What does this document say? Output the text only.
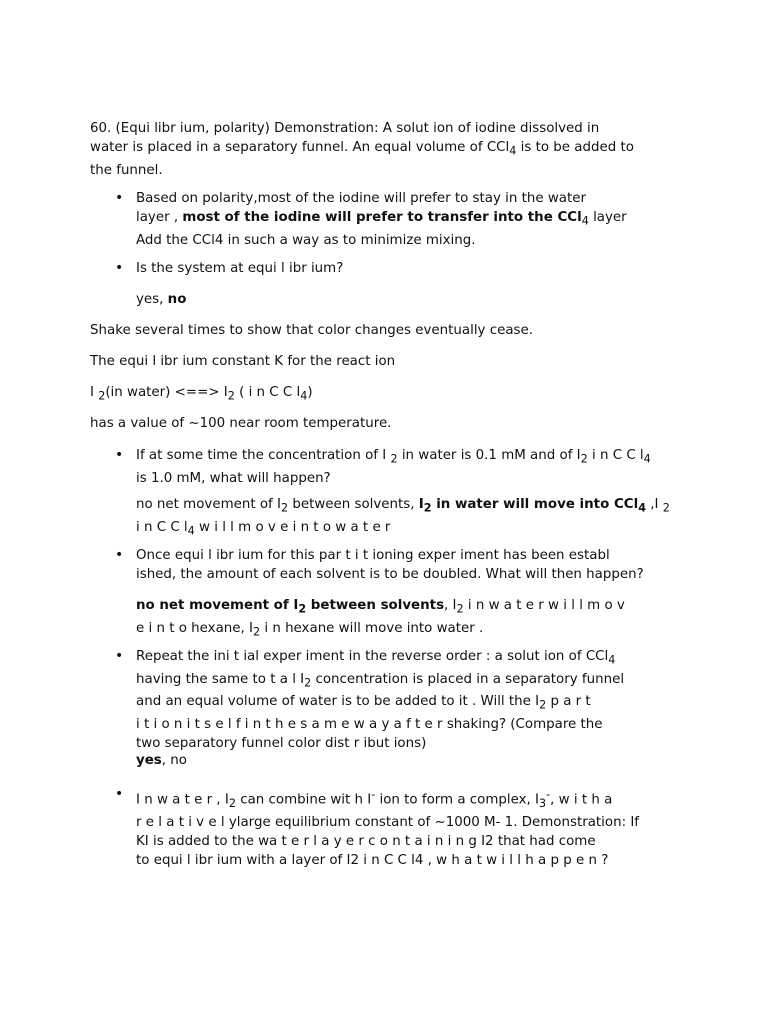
60. (Equi libr ium, polarity) Demonstration: A solut ion of iodine dissolved in
water is placed in a separatory funnel. An equal volume of CCl$_4$ is to be added to
the funnel.

• Based on polarity,most of the iodine will prefer to stay in the water
layer , most of the iodine will prefer to transfer into the CCl$_4$ layer
Add the CCl4 in such a way as to minimize mixing.

• Is the system at equi l ibr ium?

yes, no

Shake several times to show that color changes eventually cease.

The equi l ibr ium constant K for the react ion

I $_2$(in water) <==> $I_2$ ( i n C C $l_4$)

has a value of ~100 near room temperature.

• If at some time the concentration of I $_2$ in water is 0.1 mM and of $I_2$ i n C C $l_4$
is 1.0 mM, what will happen?

no net movement of $I_2$ between solvents, $I_2$ in water will move into CCl$_4$ ,I $_2$
i n C C $l_4$ w i l l m o v e i n t o w a t e r

• Once equi l ibr ium for this par t i t ioning exper iment has been establ
ished, the amount of each solvent is to be doubled. What will then happen?

no net movement of $I_2$ between solvents, $I_2$ i n w a t e r w i l l m o v
e i n t o hexane, $I_2$ i n hexane will move into water .

• Repeat the ini t ial exper iment in the reverse order : a solut ion of CCl$_4$
having the same to t a l $I_2$ concentration is placed in a separatory funnel
and an equal volume of water is to be added to it . Will the $I_2$ p a r t
i t i o n i t s e l f i n t h e s a m e w a y a f t e r shaking? (Compare the
two separatory funnel color dist r ibut ions)

yes, no

• I n w a t e r , $I_2$ can combine wit h I- ion to form a complex, $I_3^-$, w i t h a
r e l a t i v e l ylarge equilibrium constant of ~1000 M- 1. Demonstration: If
KI is added to the wa t e r l a y e r c o n t a i n i n g I2 that had come
to equi l ibr ium with a layer of I2 i n C C l4 , w h a t w i l l h a p p e n ?
